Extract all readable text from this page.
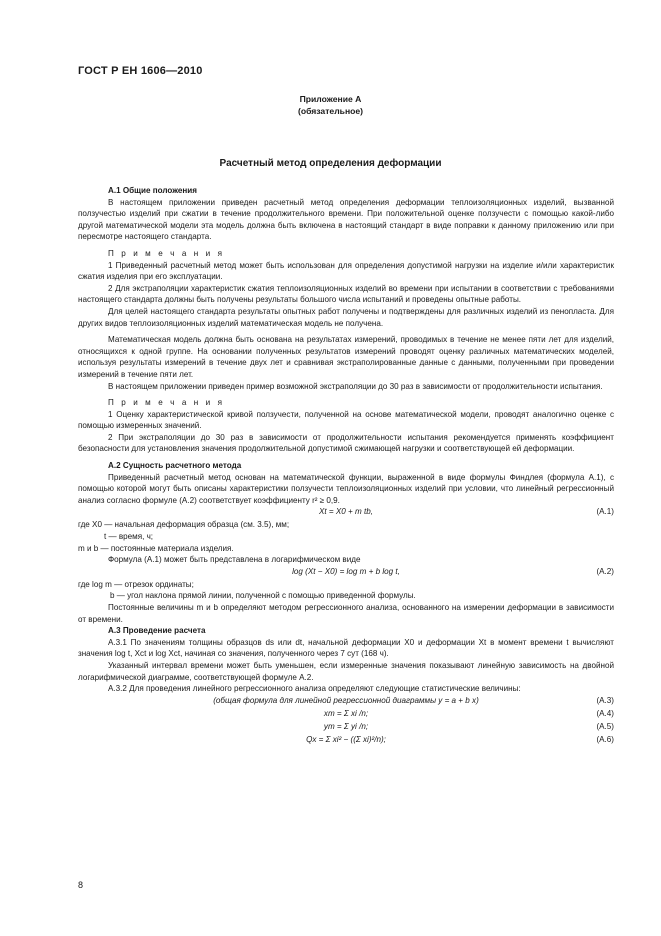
ГОСТ Р ЕН 1606—2010
Приложение А
(обязательное)
Расчетный метод определения деформации

А.1 Общие положения

В настоящем приложении приведен расчетный метод определения деформации теплоизоляционных изделий, вызванной ползучестью изделий при сжатии в течение продолжительного времени. При положительной оценке ползучести с помощью какой-либо другой математической модели эта модель должна быть включена в настоящий стандарт в виде поправки к данному приложению или при пересмотре настоящего стандарта.

П р и м е ч а н и я

1 Приведенный расчетный метод может быть использован для определения допустимой нагрузки на изделие и/или характеристик сжатия изделия при его эксплуатации.

2 Для экстраполяции характеристик сжатия теплоизоляционных изделий во времени при испытании в соответствии с требованиями настоящего стандарта должны быть получены результаты большого числа испытаний и проведены опытные работы.

Для целей настоящего стандарта результаты опытных работ получены и подтверждены для различных изделий из пенопласта. Для других видов теплоизоляционных изделий математическая модель не получена.

Математическая модель должна быть основана на результатах измерений, проводимых в течение не менее пяти лет для изделий, относящихся к одной группе. На основании полученных результатов измерений проводят оценку различных математических моделей, используя результаты измерений в течение двух лет и сравнивая экстраполированные данные с данными, полученными при проведении измерений в течение пяти лет.

В настоящем приложении приведен пример возможной экстраполяции до 30 раз в зависимости от продолжительности испытания.

П р и м е ч а н и я

1 Оценку характеристической кривой ползучести, полученной на основе математической модели, проводят аналогично оценке с помощью измеренных значений.

2 При экстраполяции до 30 раз в зависимости от продолжительности испытания рекомендуется применять коэффициент безопасности для установления значения продолжительной допустимой сжимающей нагрузки и соответствующей ей деформации.

А.2 Сущность расчетного метода

Приведенный расчетный метод основан на математической функции, выраженной в виде формулы Финдлея (формула А.1), с помощью которой могут быть описаны характеристики ползучести теплоизоляционных изделий при условии, что линейный регрессионный анализ согласно формуле (А.2) соответствует коэффициенту r² ≥ 0,9.

Xt = X0 + m tb,	(А.1)

где X0 — начальная деформация образца (см. 3.5), мм;

t — время, ч;

m и b — постоянные материала изделия.

Формула (А.1) может быть представлена в логарифмическом виде

log (Xt − X0) = log m + b log t,	(А.2)

где log m — отрезок ординаты;

b — угол наклона прямой линии, полученной с помощью приведенной формулы.

Постоянные величины m и b определяют методом регрессионного анализа, основанного на измерении деформации в зависимости от времени.

А.3 Проведение расчета

А.3.1 По значениям толщины образцов ds или dt, начальной деформации X0 и деформации Xt в момент времени t вычисляют значения log t, Xct и log Xct, начиная со значения, полученного через 7 сут (168 ч).

Указанный интервал времени может быть уменьшен, если измеренные значения показывают линейную зависимость на двойной логарифмической диаграмме, соответствующей формуле А.2.

А.3.2 Для проведения линейного регрессионного анализа определяют следующие статистические величины:

(общая формула для линейной регрессионной диаграммы y = a + b x)	(А.3)
xm = Σ xi /n;	(А.4)
ym = Σ yi /n;	(А.5)
Qx = Σ xi² − ((Σ xi)²/n);	(А.6)
8
